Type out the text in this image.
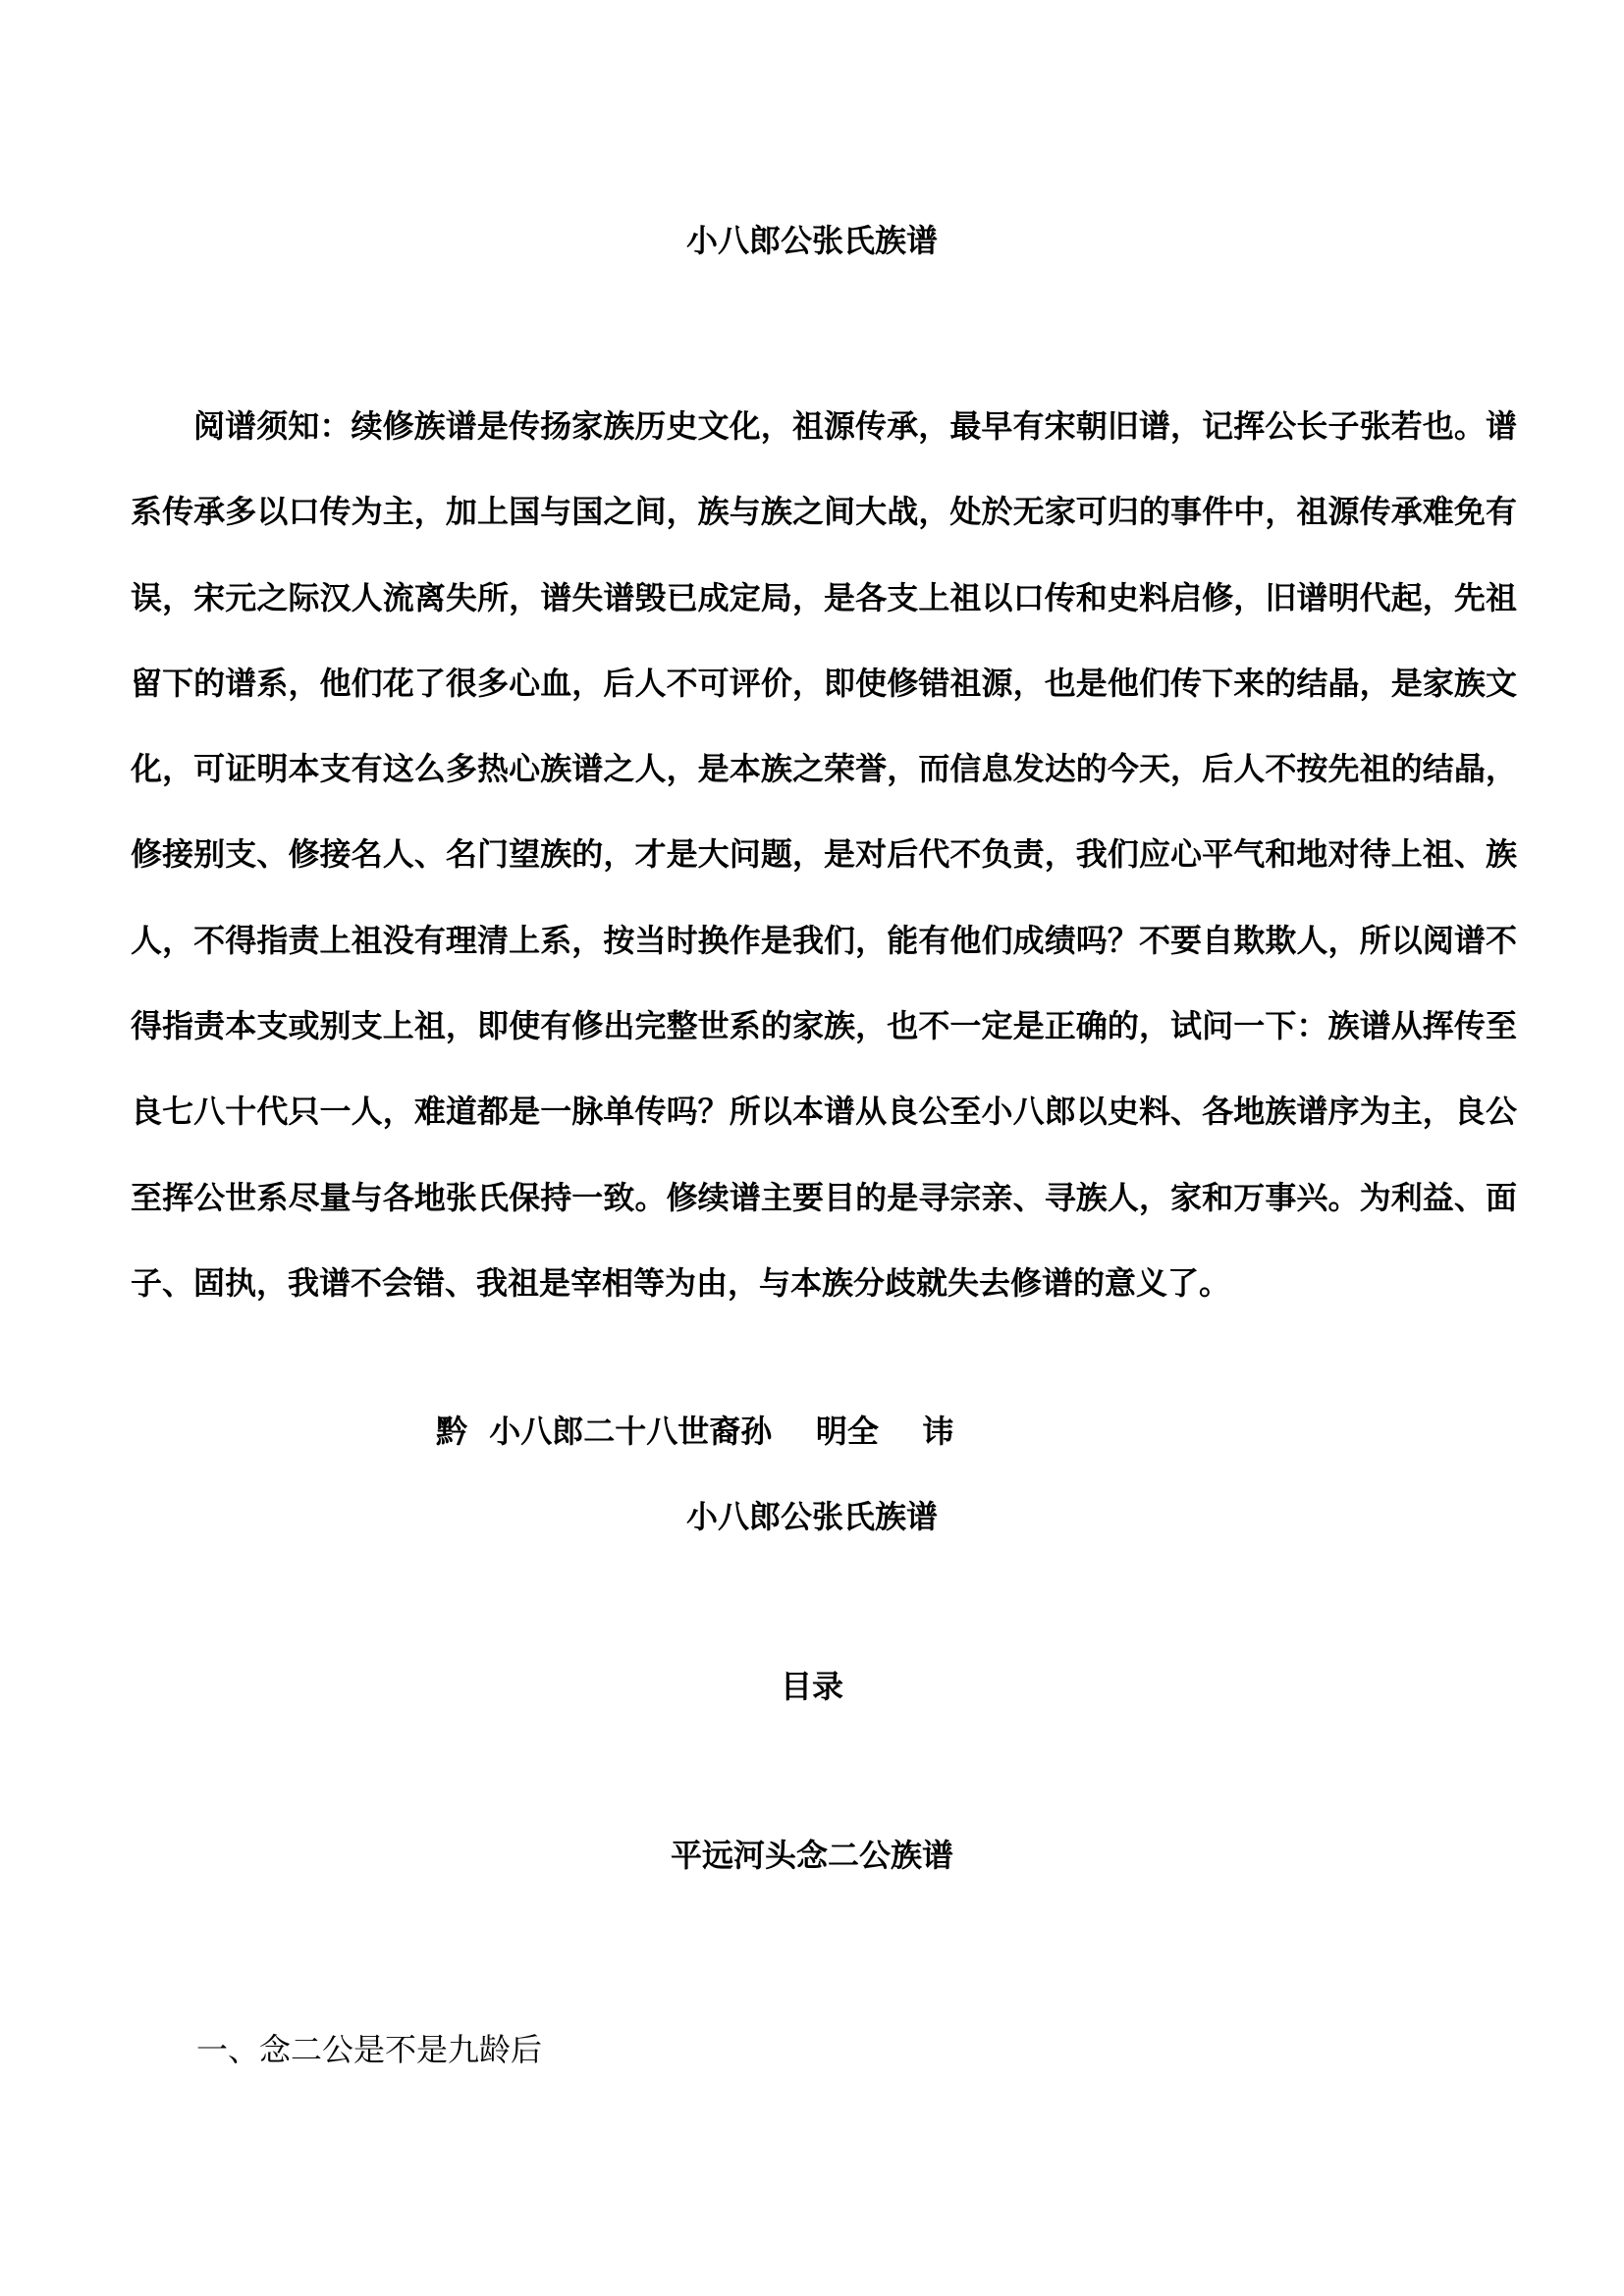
小八郎公张氏族谱

阅谱须知：续修族谱是传扬家族历史文化，祖源传承，最早有宋朝旧谱，记挥公长子张若也。谱系传承多以口传为主，加上国与国之间，族与族之间大战，处於无家可归的事件中，祖源传承难免有误，宋元之际汉人流离失所，谱失谱毁已成定局，是各支上祖以口传和史料启修，旧谱明代起，先祖留下的谱系，他们花了很多心血，后人不可评价，即使修错祖源，也是他们传下来的结晶，是家族文化，可证明本支有这么多热心族谱之人，是本族之荣誉，而信息发达的今天，后人不按先祖的结晶，修接别支、修接名人、名门望族的，才是大问题，是对后代不负责，我们应心平气和地对待上祖、族人，不得指责上祖没有理清上系，按当时换作是我们，能有他们成绩吗？不要自欺欺人，所以阅谱不得指责本支或别支上祖，即使有修出完整世系的家族，也不一定是正确的，试问一下：族谱从挥传至良七八十代只一人，难道都是一脉单传吗？所以本谱从良公至小八郎以史料、各地族谱序为主，良公至挥公世系尽量与各地张氏保持一致。修续谱主要目的是寻宗亲、寻族人，家和万事兴。为利益、面子、固执，我谱不会错、我祖是宰相等为由，与本族分歧就失去修谱的意义了。

黔  小八郎二十八世裔孙    明全    讳

小八郎公张氏族谱
目录
平远河头念二公族谱

一、念二公是不是九龄后
